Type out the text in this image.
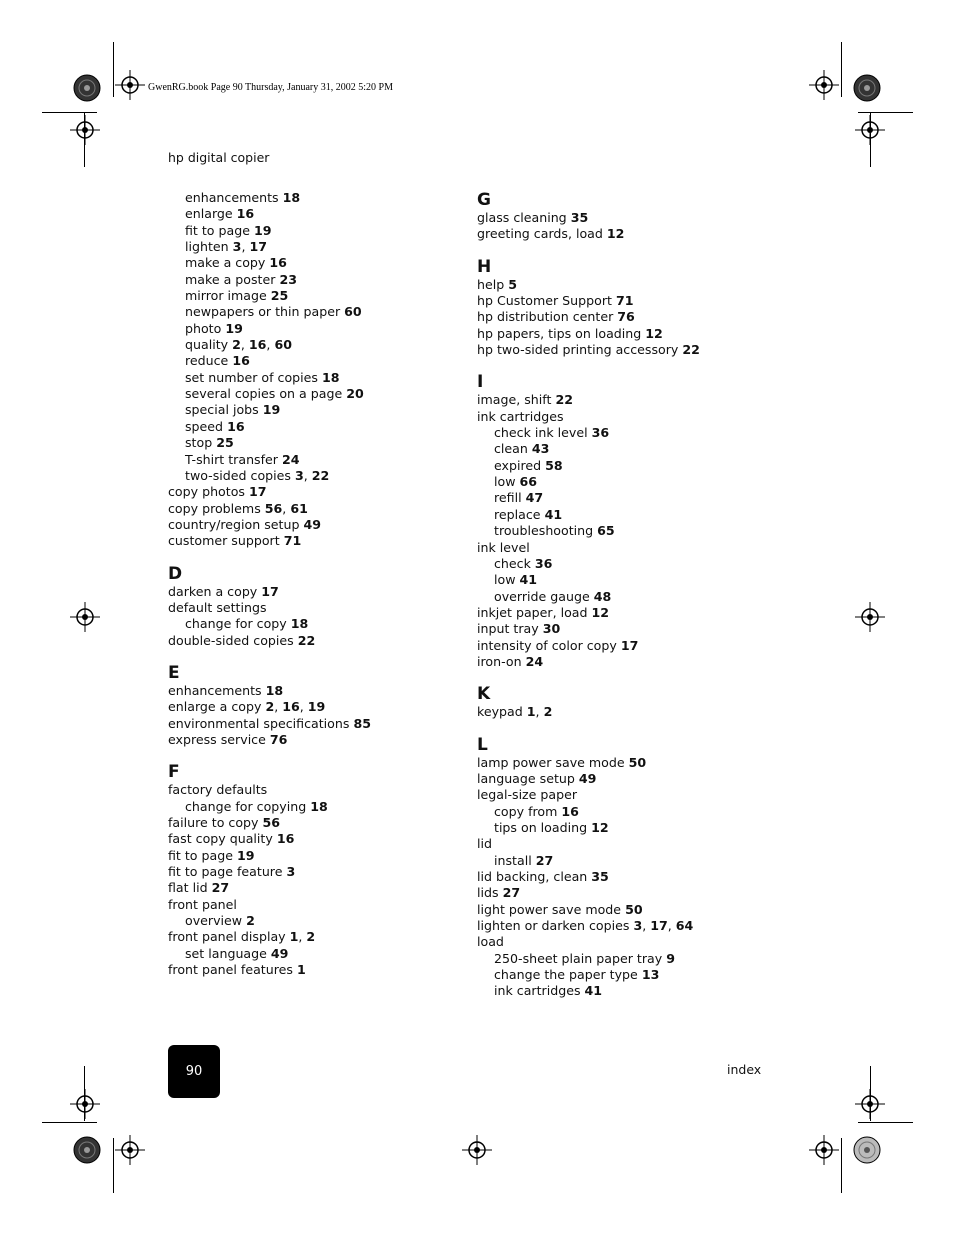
GwenRG.book Page 90 Thursday, January 31, 2002 5:20 PM
hp digital copier
enhancements 18
enlarge 16
fit to page 19
lighten 3, 17
make a copy 16
make a poster 23
mirror image 25
newpapers or thin paper 60
photo 19
quality 2, 16, 60
reduce 16
set number of copies 18
several copies on a page 20
special jobs 19
speed 16
stop 25
T-shirt transfer 24
two-sided copies 3, 22
copy photos 17
copy problems 56, 61
country/region setup 49
customer support 71
D
darken a copy 17
default settings
change for copy 18
double-sided copies 22
E
enhancements 18
enlarge a copy 2, 16, 19
environmental specifications 85
express service 76
F
factory defaults
change for copying 18
failure to copy 56
fast copy quality 16
fit to page 19
fit to page feature 3
flat lid 27
front panel
overview 2
front panel display 1, 2
set language 49
front panel features 1
G
glass cleaning 35
greeting cards, load 12
H
help 5
hp Customer Support 71
hp distribution center 76
hp papers, tips on loading 12
hp two-sided printing accessory 22
I
image, shift 22
ink cartridges
check ink level 36
clean 43
expired 58
low 66
refill 47
replace 41
troubleshooting 65
ink level
check 36
low 41
override gauge 48
inkjet paper, load 12
input tray 30
intensity of color copy 17
iron-on 24
K
keypad 1, 2
L
lamp power save mode 50
language setup 49
legal-size paper
copy from 16
tips on loading 12
lid
install 27
lid backing, clean 35
lids 27
light power save mode 50
lighten or darken copies 3, 17, 64
load
250-sheet plain paper tray 9
change the paper type 13
ink cartridges 41
90	index
